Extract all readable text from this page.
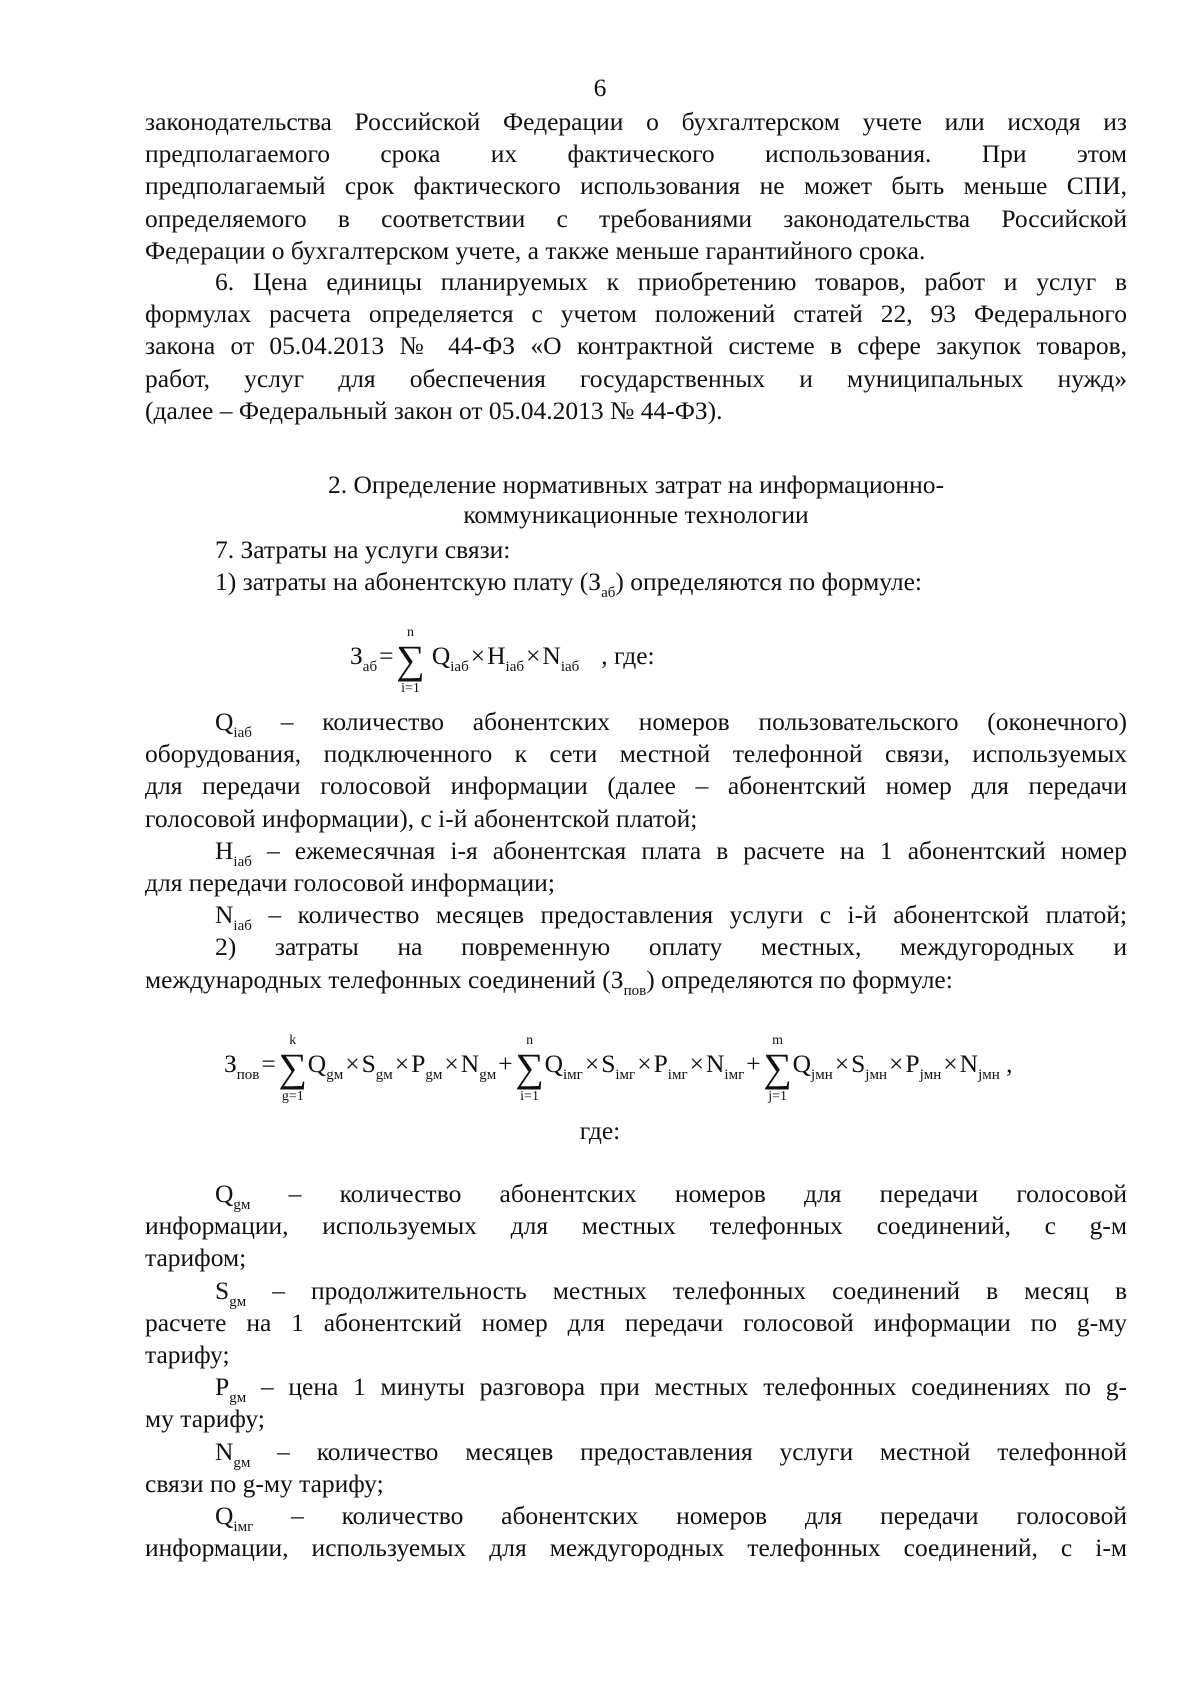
6
законодательства Российской Федерации о бухгалтерском учете или исходя из
предполагаемого срока их фактического использования. При этом
предполагаемый срок фактического использования не может быть меньше СПИ,
определяемого в соответствии с требованиями законодательства Российской
Федерации о бухгалтерском учете, а также меньше гарантийного срока.
6. Цена единицы планируемых к приобретению товаров, работ и услуг в
формулах расчета определяется с учетом положений статей 22, 93 Федерального
закона от 05.04.2013 № 44-ФЗ «О контрактной системе в сфере закупок товаров,
работ, услуг для обеспечения государственных и муниципальных нужд»
(далее – Федеральный закон от 05.04.2013 № 44-ФЗ).
2. Определение нормативных затрат на информационно-
коммуникационные технологии
7. Затраты на услуги связи:
1) затраты на абонентскую плату $(З_{аб})$ определяются по формуле:
$З_{аб}=\sum$
n
i=1
$Q_{iаб}\times Н_{iаб}\times N_{iаб}$ , где:
$Q_{iаб}$ – количество абонентских номеров пользовательского (оконечного)
оборудования, подключенного к сети местной телефонной связи, используемых
для передачи голосовой информации (далее – абонентский номер для передачи
голосовой информации), с i-й абонентской платой;
$Н_{iаб}$ – ежемесячная i-я абонентская плата в расчете на 1 абонентский номер
для передачи голосовой информации;
$N_{iаб}$ – количество месяцев предоставления услуги с i-й абонентской платой;
2) затраты на повременную оплату местных, междугородных и
международных телефонных соединений $(З_{пов})$ определяются по формуле:
$З_{пов}=\sum$
k
g=1
$Q_{gм}\times S_{gм}\times P_{gм}\times N_{gм}+\sum$
n
i=1
$Q_{iмг}\times S_{iмг}\times P_{iмг}\times N_{iмг}+\sum$
m
j=1
$Q_{jмн}\times S_{jмн}\times P_{jмн}\times N_{jмн}$ ,
где:
$Q_{gм}$ – количество абонентских номеров для передачи голосовой
информации, используемых для местных телефонных соединений, с g-м
тарифом;
$S_{gм}$ – продолжительность местных телефонных соединений в месяц в
расчете на 1 абонентский номер для передачи голосовой информации по g-му
тарифу;
$P_{gм}$ – цена 1 минуты разговора при местных телефонных соединениях по g-
му тарифу;
$N_{gм}$ – количество месяцев предоставления услуги местной телефонной
связи по g-му тарифу;
$Q_{iмг}$ – количество абонентских номеров для передачи голосовой
информации, используемых для междугородных телефонных соединений, с i-м
